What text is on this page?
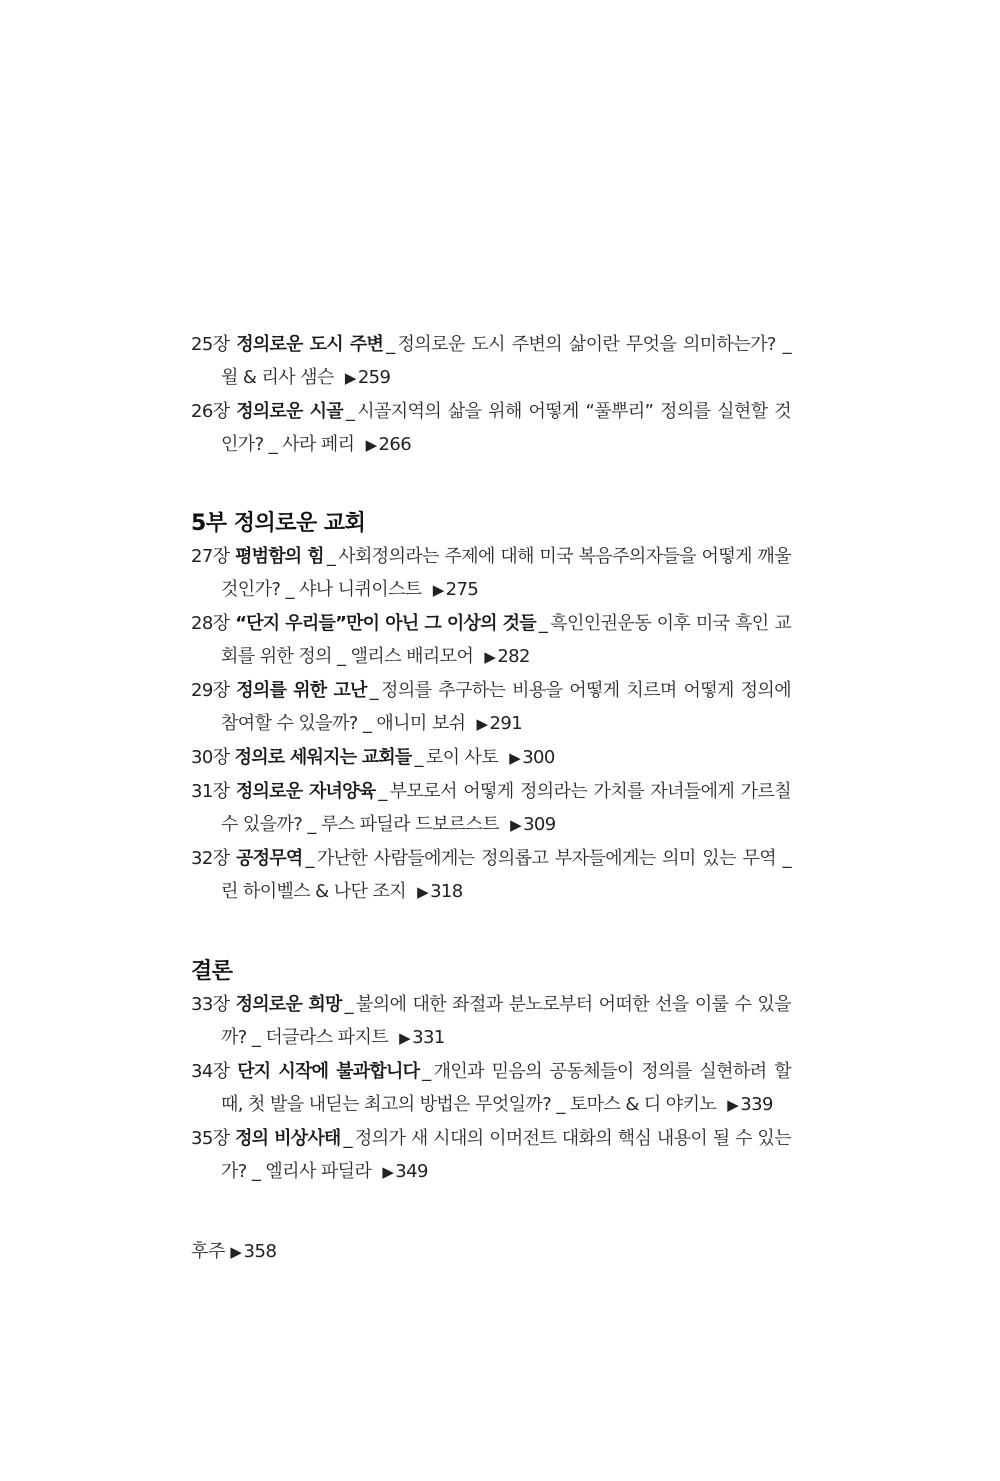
25장 정의로운 도시 주변 _ 정의로운 도시 주변의 삶이란 무엇을 의미하는가? _ 윌 & 리사 샘슨 ▶ 259
26장 정의로운 시골 _ 시골지역의 삶을 위해 어떻게 “풀뿌리” 정의를 실현할 것인가? _ 사라 페리 ▶ 266
5부 정의로운 교회
27장 평범함의 힘 _ 사회정의라는 주제에 대해 미국 복음주의자들을 어떻게 깨울 것인가? _ 샤나 니퀴이스트 ▶ 275
28장 “단지 우리들”만이 아닌 그 이상의 것들 _ 흑인인권운동 이후 미국 흑인 교회를 위한 정의 _ 앨리스 배리모어 ▶ 282
29장 정의를 위한 고난 _ 정의를 추구하는 비용을 어떻게 치르며 어떻게 정의에 참여할 수 있을까? _ 애니미 보쉬 ▶ 291
30장 정의로 세워지는 교회들 _ 로이 사토 ▶ 300
31장 정의로운 자녀양육 _ 부모로서 어떻게 정의라는 가치를 자녀들에게 가르칠 수 있을까? _ 루스 파딜라 드보르스트 ▶ 309
32장 공정무역 _ 가난한 사람들에게는 정의롭고 부자들에게는 의미 있는 무역 _ 린 하이벨스 & 나단 조지 ▶ 318
결론
33장 정의로운 희망 _ 불의에 대한 좌절과 분노로부터 어떠한 선을 이룰 수 있을까? _ 더글라스 파지트 ▶ 331
34장 단지 시작에 불과합니다 _ 개인과 믿음의 공동체들이 정의를 실현하려 할 때, 첫 발을 내딛는 최고의 방법은 무엇일까? _ 토마스 & 디 야키노 ▶ 339
35장 정의 비상사태 _ 정의가 새 시대의 이머전트 대화의 핵심 내용이 될 수 있는가? _ 엘리사 파딜라 ▶ 349
후주 ▶ 358
